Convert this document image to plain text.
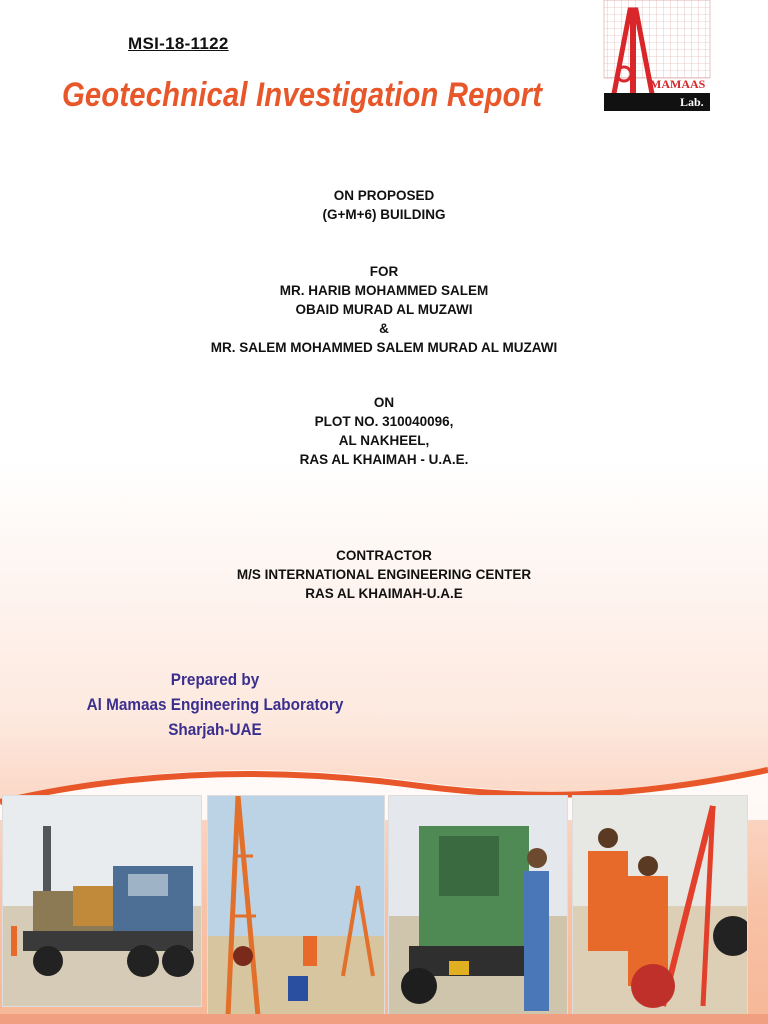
MSI-18-1122
Geotechnical Investigation Report	MAMAAS
Lab.
ON PROPOSED
(G+M+6) BUILDING
FOR
MR. HARIB MOHAMMED SALEM
OBAID MURAD AL MUZAWI
&
MR. SALEM MOHAMMED SALEM MURAD AL MUZAWI
ON
PLOT NO. 310040096,
AL NAKHEEL,
RAS AL KHAIMAH - U.A.E.
CONTRACTOR
M/S INTERNATIONAL ENGINEERING CENTER
RAS AL KHAIMAH-U.A.E
Prepared by
Al Mamaas Engineering Laboratory
Sharjah-UAE
